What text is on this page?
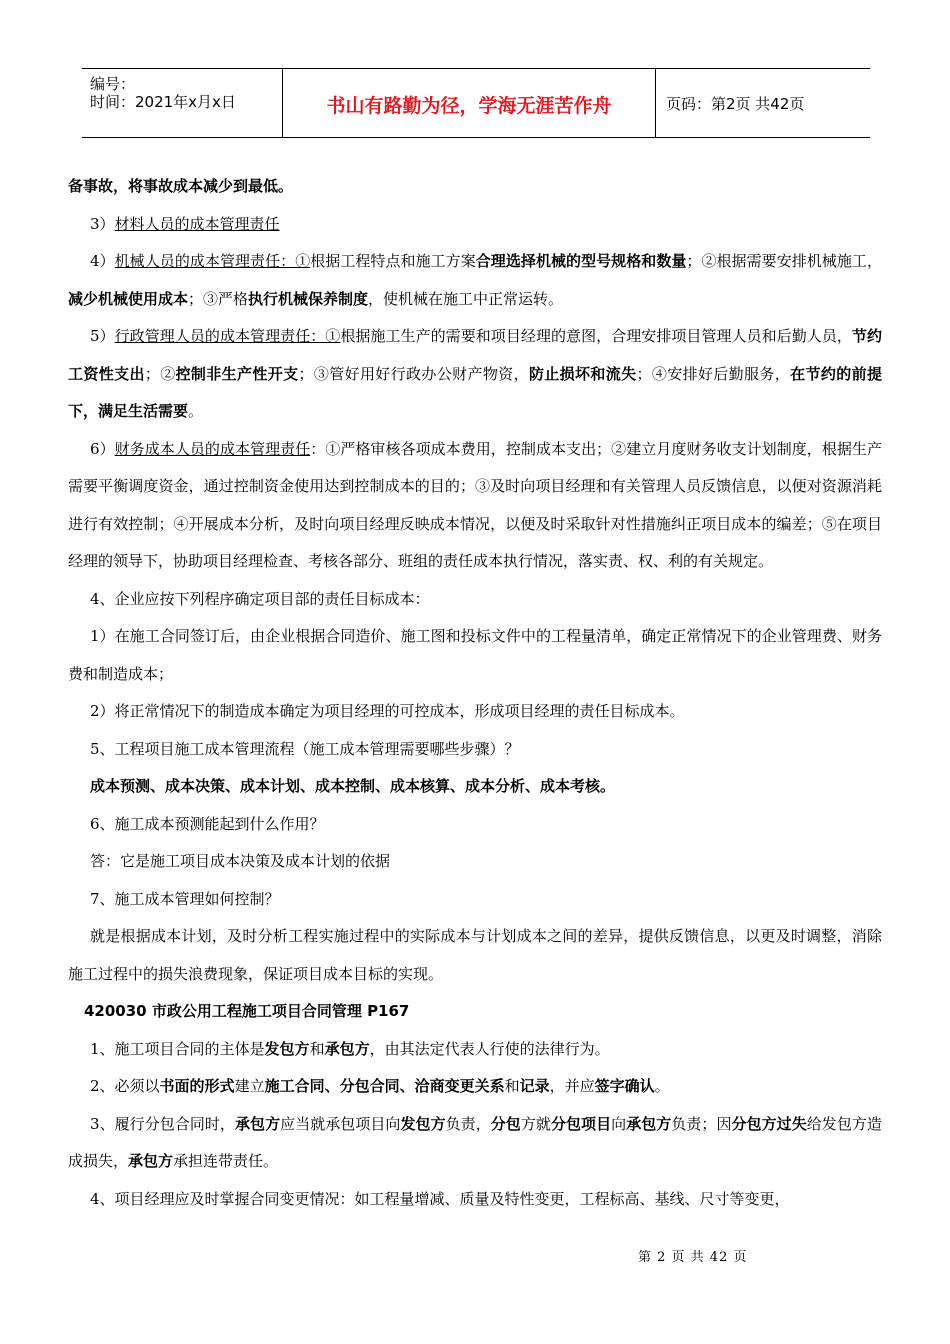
编号：
时间：2021年x月x日	书山有路勤为径，学海无涯苦作舟	页码：第2页 共42页

备事故，将事故成本减少到最低。

3）材料人员的成本管理责任

4）机械人员的成本管理责任：①根据工程特点和施工方案合理选择机械的型号规格和数量；②根据需要安排机械施工，减少机械使用成本；③严格执行机械保养制度，使机械在施工中正常运转。

5）行政管理人员的成本管理责任：①根据施工生产的需要和项目经理的意图，合理安排项目管理人员和后勤人员，节约工资性支出；②控制非生产性开支；③管好用好行政办公财产物资，防止损坏和流失；④安排好后勤服务，在节约的前提下，满足生活需要。

6）财务成本人员的成本管理责任：①严格审核各项成本费用，控制成本支出；②建立月度财务收支计划制度，根据生产需要平衡调度资金，通过控制资金使用达到控制成本的目的；③及时向项目经理和有关管理人员反馈信息，以便对资源消耗进行有效控制；④开展成本分析，及时向项目经理反映成本情况，以便及时采取针对性措施纠正项目成本的编差；⑤在项目经理的领导下，协助项目经理检查、考核各部分、班组的责任成本执行情况，落实责、权、利的有关规定。

4、企业应按下列程序确定项目部的责任目标成本：

1）在施工合同签订后，由企业根据合同造价、施工图和投标文件中的工程量清单，确定正常情况下的企业管理费、财务费和制造成本；

2）将正常情况下的制造成本确定为项目经理的可控成本，形成项目经理的责任目标成本。

5、工程项目施工成本管理流程（施工成本管理需要哪些步骤）？

成本预测、成本决策、成本计划、成本控制、成本核算、成本分析、成本考核。

6、施工成本预测能起到什么作用？

答：它是施工项目成本决策及成本计划的依据

7、施工成本管理如何控制？

就是根据成本计划，及时分析工程实施过程中的实际成本与计划成本之间的差异，提供反馈信息，以更及时调整，消除施工过程中的损失浪费现象，保证项目成本目标的实现。

420030 市政公用工程施工项目合同管理 P167

1、施工项目合同的主体是发包方和承包方，由其法定代表人行使的法律行为。

2、必须以书面的形式建立施工合同、分包合同、洽商变更关系和记录，并应签字确认。

3、履行分包合同时，承包方应当就承包项目向发包方负责，分包方就分包项目向承包方负责；因分包方过失给发包方造成损失，承包方承担连带责任。

4、项目经理应及时掌握合同变更情况：如工程量增减、质量及特性变更，工程标高、基线、尺寸等变更，

第 2 页 共 42 页
